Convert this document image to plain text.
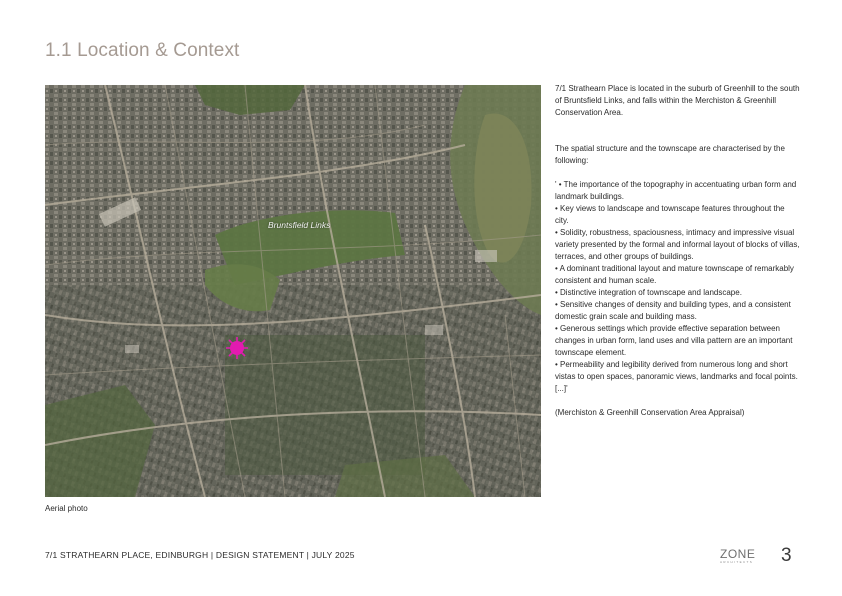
1.1 Location & Context
Bruntsfield Links
Aerial photo

7/1 Strathearn Place is located in the suburb of Greenhill to the south of Bruntsfield Links, and falls within the Merchiston & Greenhill Conservation Area.

The spatial structure and the townscape are characterised by the following:

' • The importance of the topography in accentuating urban form and landmark buildings.

• Key views to landscape and townscape features throughout the city.

• Solidity, robustness, spaciousness, intimacy and impressive visual variety presented by the formal and informal layout of blocks of villas, terraces, and other groups of buildings.

• A dominant traditional layout and mature townscape of remarkably consistent and human scale.

• Distinctive integration of townscape and landscape.

• Sensitive changes of density and building types, and a consistent domestic grain scale and building mass.

• Generous settings which provide effective separation between changes in urban form, land uses and villa pattern are an important townscape element.

• Permeability and legibility derived from numerous long and short vistas to open spaces, panoramic views, landmarks and focal points.

[...]'

(Merchiston & Greenhill Conservation Area Appraisal)

7/1 STRATHEARN PLACE, EDINBURGH | DESIGN STATEMENT | JULY 2025	ZONE
ARCHITECTS	3
